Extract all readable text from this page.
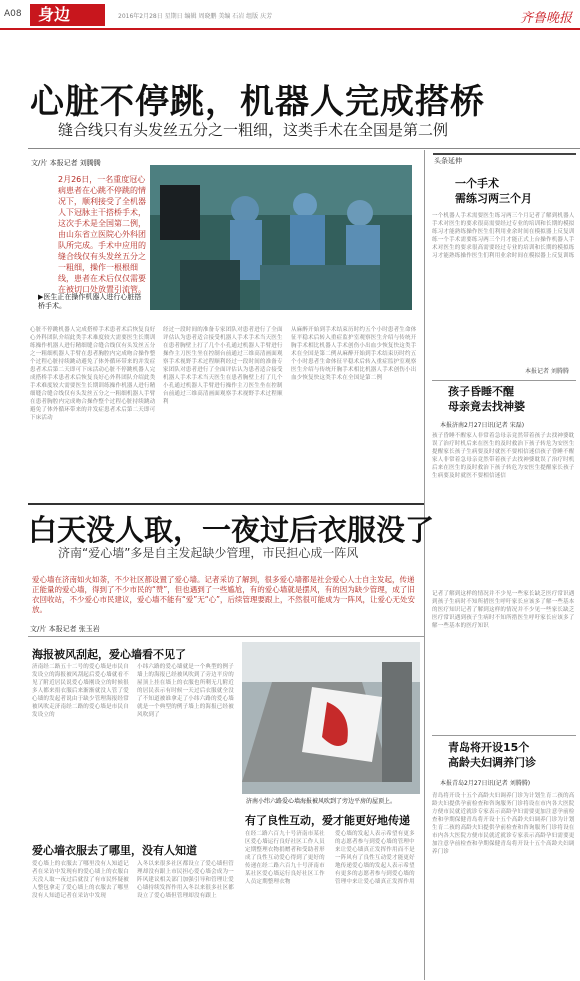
A08	身边	2016年2月28日 星期日 编辑 周晓鹏 美编 石岩 组版 庆芳	齐鲁晚报
心脏不停跳，机器人完成搭桥
缝合线只有头发丝五分之一粗细，这类手术在全国是第二例
文/片 本报记者 刘腾腾
2月26日，一名重度冠心病患者在心跳不停跳的情况下，顺利接受了全机器人下冠脉主干搭桥手术，这次手术是全国第二例，由山东省立医院心外科团队所完成。手术中应用的缝合线仅有头发丝五分之一粗细，操作一根根细线，患者在术后仅仅需要在被切口处放置引流管。
▶医生正在操作机器人进行心脏搭桥手术。
心脏不停跳机器人完成搭桥手术患者术后恢复良好心外科团队介绍此类手术难度较大需要医生长期训练操作机器人进行精细缝合缝合线仅有头发丝五分之一粗细机器人手臂在患者胸腔内完成吻合操作整个过程心脏持续跳动避免了体外循环带来的并发症患者术后第二天即可下床活动心脏不停跳机器人完成搭桥手术患者术后恢复良好心外科团队介绍此类手术难度较大需要医生长期训练操作机器人进行精细缝合缝合线仅有头发丝五分之一粗细机器人手臂在患者胸腔内完成吻合操作整个过程心脏持续跳动避免了体外循环带来的并发症患者术后第二天即可下床活动
经过一段时间的准备专家团队对患者进行了全面评估认为患者适合接受机器人手术手术当天医生在患者胸壁上打了几个小孔通过机器人手臂进行操作主刀医生坐在控制台前通过三维高清画面观察手术视野手术过程顺利经过一段时间的准备专家团队对患者进行了全面评估认为患者适合接受机器人手术手术当天医生在患者胸壁上打了几个小孔通过机器人手臂进行操作主刀医生坐在控制台前通过三维高清画面观察手术视野手术过程顺利
从麻醉开始到手术结束历时约五个小时患者生命体征平稳术后转入重症监护室观察医生介绍与传统开胸手术相比机器人手术创伤小出血少恢复快这类手术在全国是第二例从麻醉开始到手术结束历时约五个小时患者生命体征平稳术后转入重症监护室观察医生介绍与传统开胸手术相比机器人手术创伤小出血少恢复快这类手术在全国是第二例
头条延伸
一个手术
需练习两三个月
一个机器人手术需要医生练习两三个月记者了解到机器人手术对医生的要求很高需要经过专业的培训和长期的模拟练习才能熟练操作医生们利用业余时间在模拟器上反复训练一个手术需要练习两三个月才能正式上台操作机器人手术对医生的要求很高需要经过专业的培训和长期的模拟练习才能熟练操作医生们利用业余时间在模拟器上反复训练
本报记者 刘腾腾
孩子昏睡不醒
母亲竟去找神婆
本报济南2月27日讯(记者 宋磊)
孩子昏睡不醒家人非常着急母亲竟然带着孩子去找神婆耽误了治疗时机后来在医生的及时救治下孩子转危为安医生提醒家长孩子生病要及时就医不要相信迷信孩子昏睡不醒家人非常着急母亲竟然带着孩子去找神婆耽误了治疗时机后来在医生的及时救治下孩子转危为安医生提醒家长孩子生病要及时就医不要相信迷信
记者了解到这样的情况并不少见一些家长缺乏医疗常识遇到孩子生病时不知所措医生呼吁家长应该多了解一些基本的医疗知识记者了解到这样的情况并不少见一些家长缺乏医疗常识遇到孩子生病时不知所措医生呼吁家长应该多了解一些基本的医疗知识
青岛将开设15个
高龄夫妇调养门诊
本报青岛2月27日讯(记者 刘腾腾)
青岛将开设十五个高龄夫妇调养门诊为计划生育二孩的高龄夫妇提供孕前检查和咨询服务门诊将设在市内各大医院方便市民就近就诊专家表示高龄孕妇需要更加注意孕前检查和孕期保健青岛将开设十五个高龄夫妇调养门诊为计划生育二孩的高龄夫妇提供孕前检查和咨询服务门诊将设在市内各大医院方便市民就近就诊专家表示高龄孕妇需要更加注意孕前检查和孕期保健青岛将开设十五个高龄夫妇调养门诊
白天没人取，一夜过后衣服没了
济南“爱心墙”多是自主发起缺少管理，市民担心成一阵风
爱心墙在济南如火如荼，不少社区都设置了爱心墙。记者采访了解到，很多爱心墙都是社会爱心人士自主发起，传递正能量的爱心墙，得到了不少市民的“赞”，但也遇到了一些尴尬，有的爱心墙就是摆风，有的因为缺少管理，成了旧衣回收站，不少爱心市民建议，爱心墙不能有“爱”无“心”，后续管理要跟上，不然很可能成为一阵风，让爱心无处安放。
文/片 本报记者 张玉岩
海报被风刮起，爱心墙看不见了
济南经二路五十二号的爱心墙是市民自发设立的海报被风刮起后爱心墙就看不见了附近居民说爱心墙刚设立的时候很多人都来捐衣服后来渐渐就没人管了爱心墙的发起者说由于缺少管理海报经常被风吹走济南经二路的爱心墙是市民自发设立的
小纬六路的爱心墙就是一个典型的例子墙上的海报已经被风吹到了旁边平房的屋顶上挂在墙上的衣服也所剩无几附近的居民表示有时候一天过后衣服就全没了不知道被谁拿走了小纬六路的爱心墙就是一个典型的例子墙上的海报已经被风吹到了
济南小纬六路爱心墙海报被风吹到了旁边平房的屋顶上。
有了良性互动，爱才能更好地传递
在经二路六百九十号济南市某社区爱心墙运行良好社区工作人员定期整理衣物捐赠者和受助者形成了良性互动爱心得到了更好的传递在经二路六百九十号济南市某社区爱心墙运行良好社区工作人员定期整理衣物
爱心墙的发起人表示希望有更多的志愿者参与到爱心墙的管理中来让爱心墙真正发挥作用而不是一阵风有了良性互动爱才能更好地传递爱心墙的发起人表示希望有更多的志愿者参与到爱心墙的管理中来让爱心墙真正发挥作用
爱心墙衣服去了哪里，没有人知道
爱心墙上的衣服去了哪里没有人知道记者在采访中发现有的爱心墙上的衣服白天没人取一夜过后就没了有市民怀疑被人整包拿走了爱心墙上的衣服去了哪里没有人知道记者在采访中发现
入冬以来很多社区都设立了爱心墙但管理却没有跟上市民担心爱心墙会成为一阵风建议相关部门加强引导和管理让爱心墙持续发挥作用入冬以来很多社区都设立了爱心墙但管理却没有跟上
